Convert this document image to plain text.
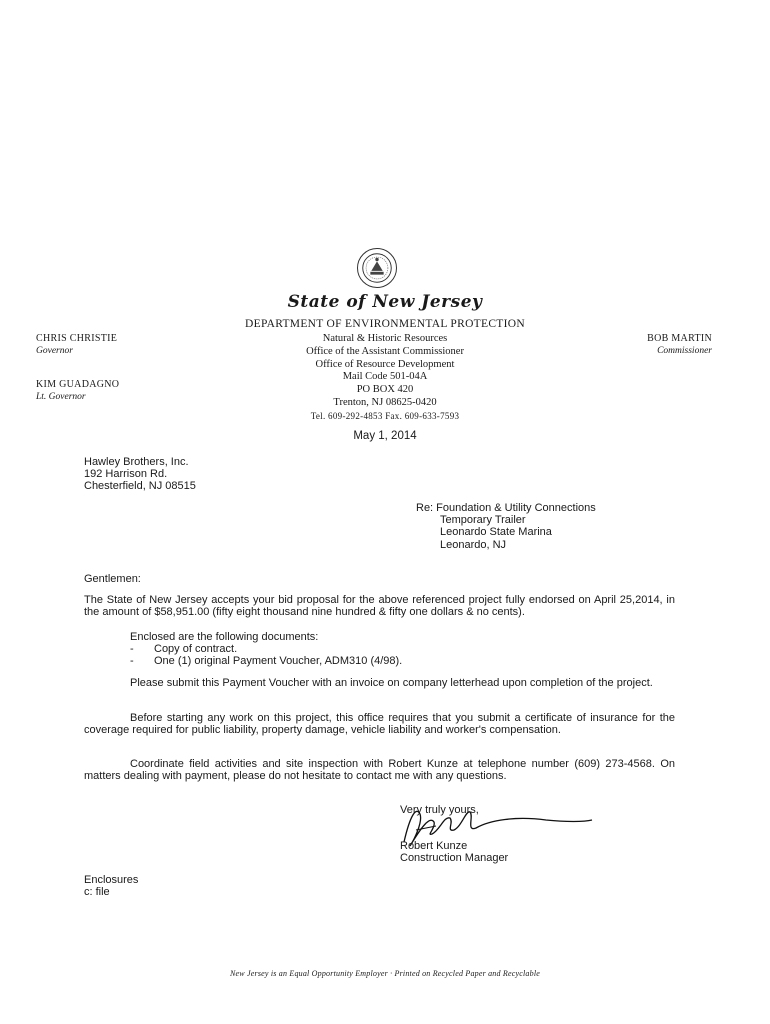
State of New Jersey
DEPARTMENT OF ENVIRONMENTAL PROTECTION
Natural & Historic Resources
Office of the Assistant Commissioner
Office of Resource Development
Mail Code 501-04A
PO BOX 420
Trenton, NJ 08625-0420
Tel. 609-292-4853 Fax. 609-633-7593
CHRIS CHRISTIE
Governor
KIM GUADAGNO
Lt. Governor
BOB MARTIN
Commissioner
May 1, 2014
Hawley Brothers, Inc.
192 Harrison Rd.
Chesterfield, NJ 08515
Re: Foundation & Utility Connections
Temporary Trailer
Leonardo State Marina
Leonardo, NJ
Gentlemen:
The State of New Jersey accepts your bid proposal for the above referenced project fully endorsed on April 25,2014, in the amount of $58,951.00 (fifty eight thousand nine hundred & fifty one dollars & no cents).
Enclosed are the following documents:
- Copy of contract.
- One (1) original Payment Voucher, ADM310 (4/98).
Please submit this Payment Voucher with an invoice on company letterhead upon completion of the project.
Before starting any work on this project, this office requires that you submit a certificate of insurance for the coverage required for public liability, property damage, vehicle liability and worker's compensation.
Coordinate field activities and site inspection with Robert Kunze at telephone number (609) 273-4568. On matters dealing with payment, please do not hesitate to contact me with any questions.
Very truly yours,
Robert Kunze
Construction Manager
Enclosures
c: file
New Jersey is an Equal Opportunity Employer · Printed on Recycled Paper and Recyclable
